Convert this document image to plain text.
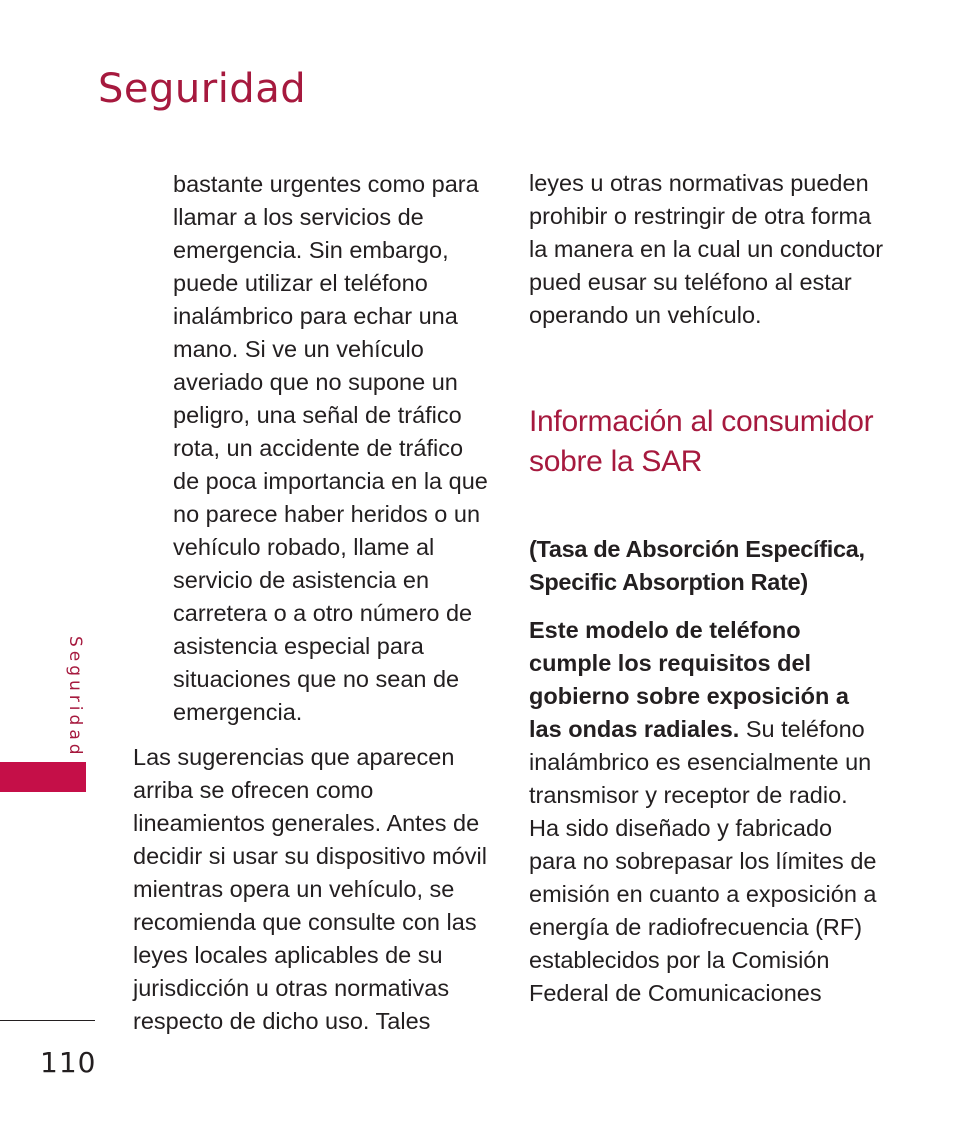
Seguridad

bastante urgentes como para llamar a los servicios de emergencia. Sin embargo, puede utilizar el teléfono inalámbrico para echar una mano. Si ve un vehículo averiado que no supone un peligro, una señal de tráfico rota, un accidente de tráfico de poca importancia en la que no parece haber heridos o un vehículo robado, llame al servicio de asistencia en carretera o a otro número de asistencia especial para situaciones que no sean de emergencia.

Las sugerencias que aparecen arriba se ofrecen como lineamientos generales. Antes de decidir si usar su dispositivo móvil mientras opera un vehículo, se recomienda que consulte con las leyes locales aplicables de su jurisdicción u otras normativas respecto de dicho uso. Tales

leyes u otras normativas pueden prohibir o restringir de otra forma la manera en la cual un conductor pued eusar su teléfono al estar operando un vehículo.

Información al consumidor sobre la SAR

(Tasa de Absorción Específica, Specific Absorption Rate)

Este modelo de teléfono cumple los requisitos del gobierno sobre exposición a las ondas radiales. Su teléfono inalámbrico es esencialmente un transmisor y receptor de radio. Ha sido diseñado y fabricado para no sobrepasar los límites de emisión en cuanto a exposición a energía de radiofrecuencia (RF) establecidos por la Comisión Federal de Comunicaciones

Seguridad
110
